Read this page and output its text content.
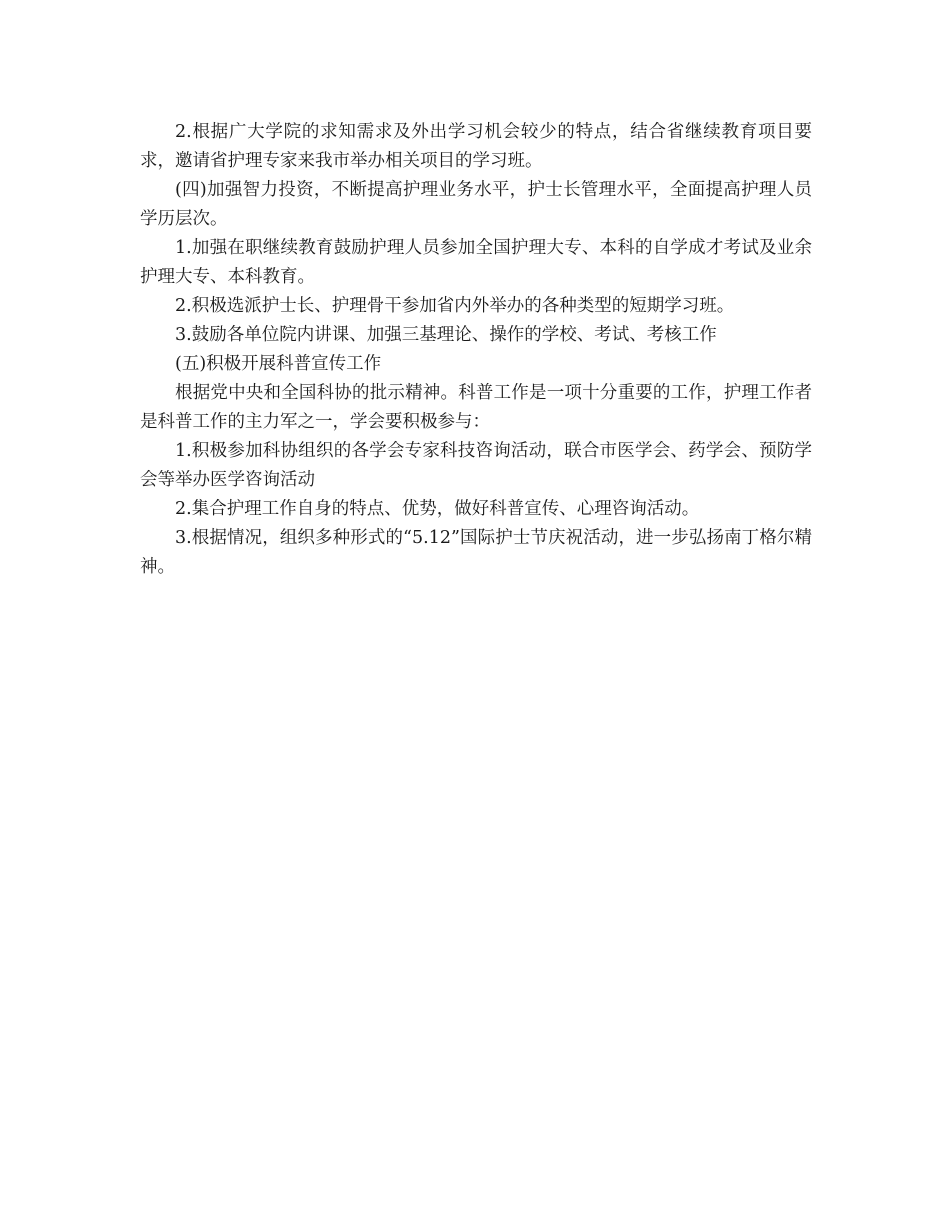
2.根据广大学院的求知需求及外出学习机会较少的特点，结合省继续教育项目要求，邀请省护理专家来我市举办相关项目的学习班。

(四)加强智力投资，不断提高护理业务水平，护士长管理水平，全面提高护理人员学历层次。

1.加强在职继续教育鼓励护理人员参加全国护理大专、本科的自学成才考试及业余护理大专、本科教育。

2.积极选派护士长、护理骨干参加省内外举办的各种类型的短期学习班。

3.鼓励各单位院内讲课、加强三基理论、操作的学校、考试、考核工作

(五)积极开展科普宣传工作

根据党中央和全国科协的批示精神。科普工作是一项十分重要的工作，护理工作者是科普工作的主力军之一，学会要积极参与：

1.积极参加科协组织的各学会专家科技咨询活动，联合市医学会、药学会、预防学会等举办医学咨询活动

2.集合护理工作自身的特点、优势，做好科普宣传、心理咨询活动。

3.根据情况，组织多种形式的“5.12”国际护士节庆祝活动，进一步弘扬南丁格尔精神。
